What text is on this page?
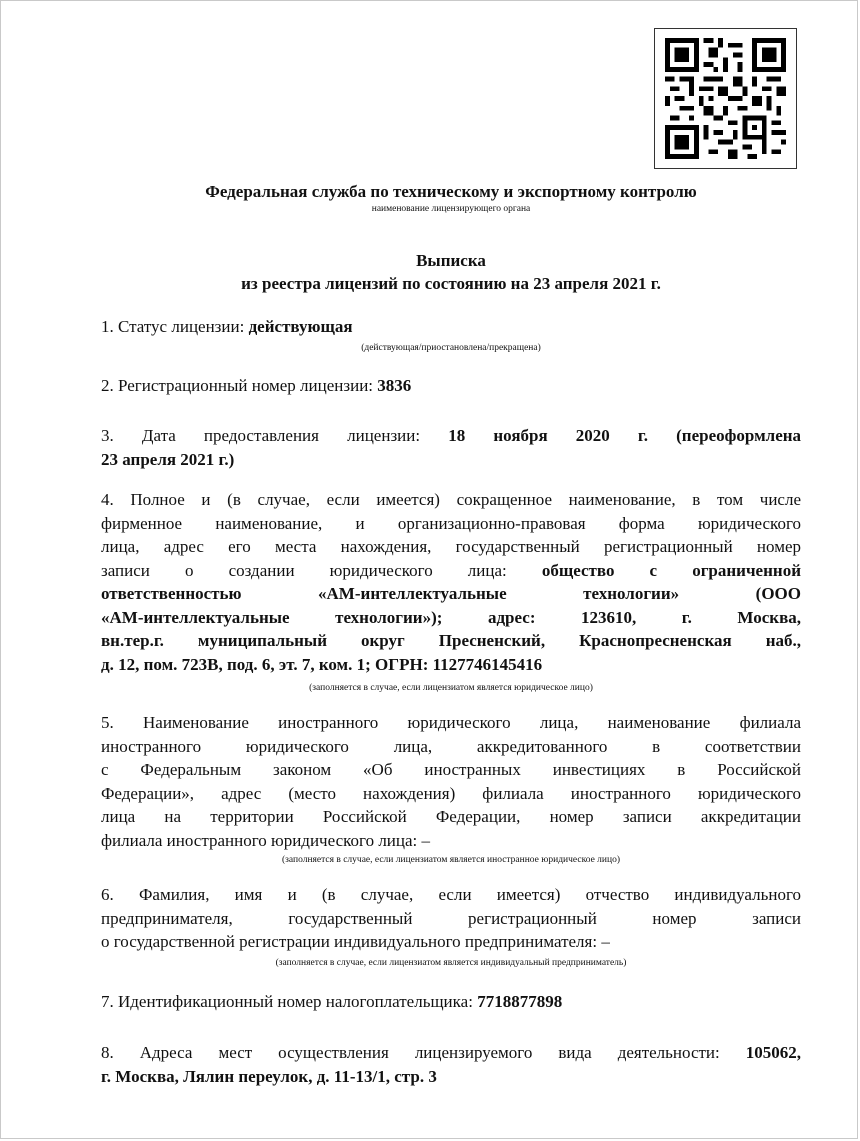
Федеральная служба по техническому и экспортному контролю
наименование лицензирующего органа
Выписка
из реестра лицензий по состоянию на 23 апреля 2021 г.
1. Статус лицензии: действующая
(действующая/приостановлена/прекращена)
2. Регистрационный номер лицензии: 3836
3. Дата предоставления лицензии: 18 ноября 2020 г. (переоформлена
23 апреля 2021 г.)
4. Полное и (в случае, если имеется) сокращенное наименование, в том числе
фирменное наименование, и организационно-правовая форма юридического
лица, адрес его места нахождения, государственный регистрационный номер
записи о создании юридического лица: общество с ограниченной
ответственностью «АМ-интеллектуальные технологии» (ООО
«АМ-интеллектуальные технологии»); адрес: 123610, г. Москва,
вн.тер.г. муниципальный округ Пресненский, Краснопресненская наб.,
д. 12, пом. 723В, под. 6, эт. 7, ком. 1; ОГРН: 1127746145416
(заполняется в случае, если лицензиатом является юридическое лицо)
5. Наименование иностранного юридического лица, наименование филиала
иностранного юридического лица, аккредитованного в соответствии
с Федеральным законом «Об иностранных инвестициях в Российской
Федерации», адрес (место нахождения) филиала иностранного юридического
лица на территории Российской Федерации, номер записи аккредитации
филиала иностранного юридического лица: –
(заполняется в случае, если лицензиатом является иностранное юридическое лицо)
6. Фамилия, имя и (в случае, если имеется) отчество индивидуального
предпринимателя, государственный регистрационный номер записи
о государственной регистрации индивидуального предпринимателя: –
(заполняется в случае, если лицензиатом является индивидуальный предприниматель)
7. Идентификационный номер налогоплательщика: 7718877898
8. Адреса мест осуществления лицензируемого вида деятельности: 105062,
г. Москва, Лялин переулок, д. 11-13/1, стр. 3
